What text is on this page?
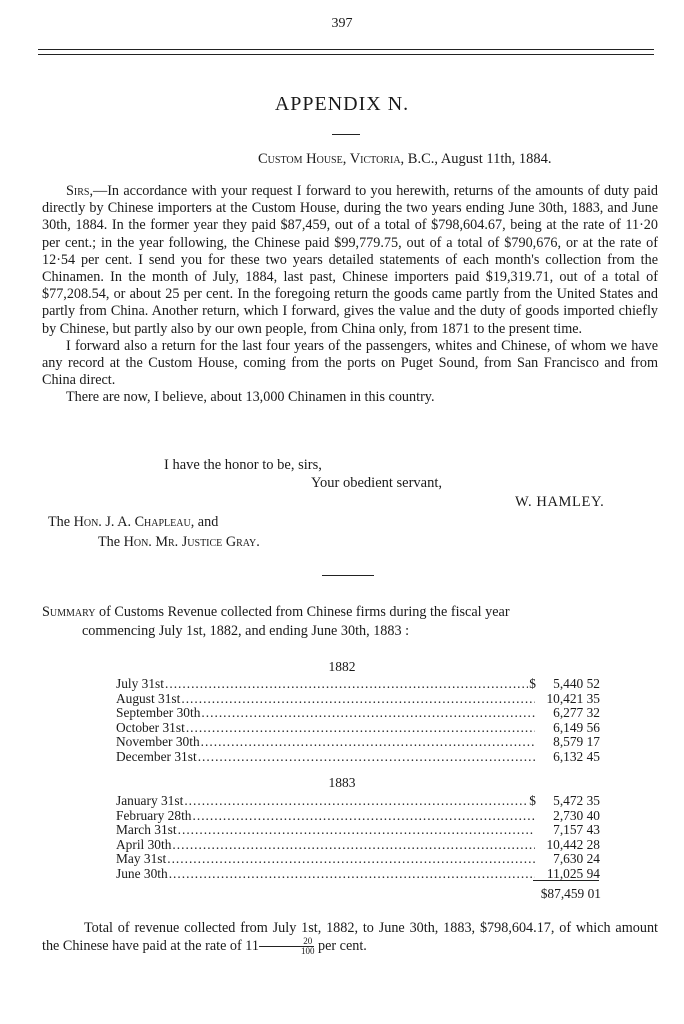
397
APPENDIX N.
Custom House, Victoria, B.C., August 11th, 1884.

Sirs,—In accordance with your request I forward to you herewith, returns of the amounts of duty paid directly by Chinese importers at the Custom House, during the two years ending June 30th, 1883, and June 30th, 1884. In the former year they paid $87,459, out of a total of $798,604.67, being at the rate of 11·20 per cent.; in the year following, the Chinese paid $99,779.75, out of a total of $790,676, or at the rate of 12·54 per cent. I send you for these two years detailed statements of each month's collection from the Chinamen. In the month of July, 1884, last past, Chinese importers paid $19,319.71, out of a total of $77,208.54, or about 25 per cent. In the foregoing return the goods came partly from the United States and partly from China. Another return, which I forward, gives the value and the duty of goods imported chiefly by Chinese, but partly also by our own people, from China only, from 1871 to the present time.

I forward also a return for the last four years of the passengers, whites and Chinese, of whom we have any record at the Custom House, coming from the ports on Puget Sound, from San Francisco and from China direct.

There are now, I believe, about 13,000 Chinamen in this country.

I have the honor to be, sirs,
Your obedient servant,
W. HAMLEY.
The Hon. J. A. Chapleau, and
The Hon. Mr. Justice Gray.
Summary of Customs Revenue collected from Chinese firms during the fiscal year
commencing July 1st, 1882, and ending June 30th, 1883 :
1882
July 31st .....	$	5,440 52
August 31st .....	10,421 35
September 30th .....	6,277 32
October 31st .....	6,149 56
November 30th .....	8,579 17
December 31st .....	6,132 45
1883
January 31st .....	$	5,472 35
February 28th .....	2,730 40
March 31st .....	7,157 43
April 30th .....	10,442 28
May 31st .....	7,630 24
June 30th .....	11,025 94
$87,459 01

Total of revenue collected from July 1st, 1882, to June 30th, 1883, $798,604.17, of which amount the Chinese have paid at the rate of $11 \frac{20}{100}$ per cent.
